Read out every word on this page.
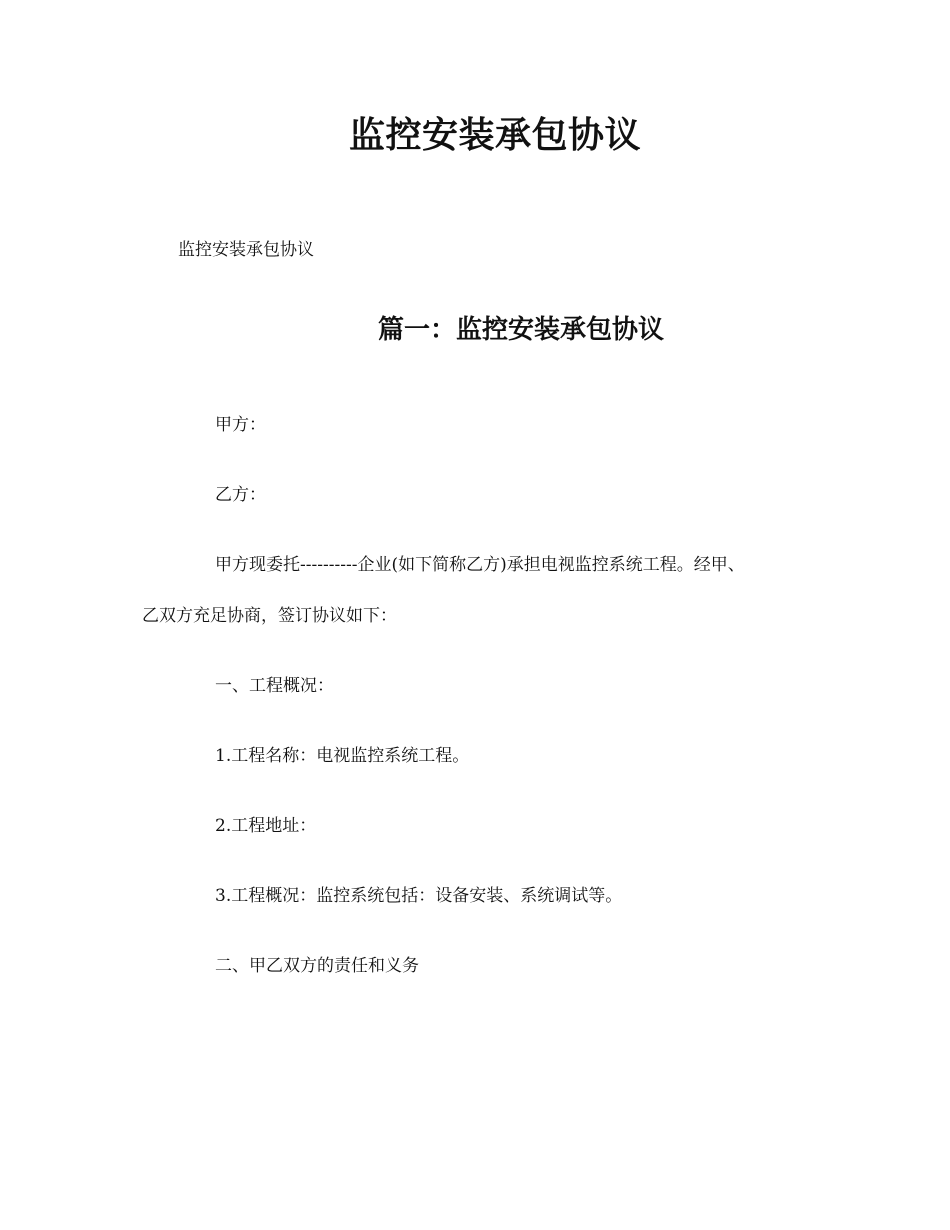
监控安装承包协议
监控安装承包协议
篇一：监控安装承包协议
甲方：
乙方：
甲方现委托----------企业(如下简称乙方)承担电视监控系统工程。经甲、
乙双方充足协商，签订协议如下：
一、工程概况：
1.工程名称：电视监控系统工程。
2.工程地址：
3.工程概况：监控系统包括：设备安装、系统调试等。
二、甲乙双方的责任和义务
